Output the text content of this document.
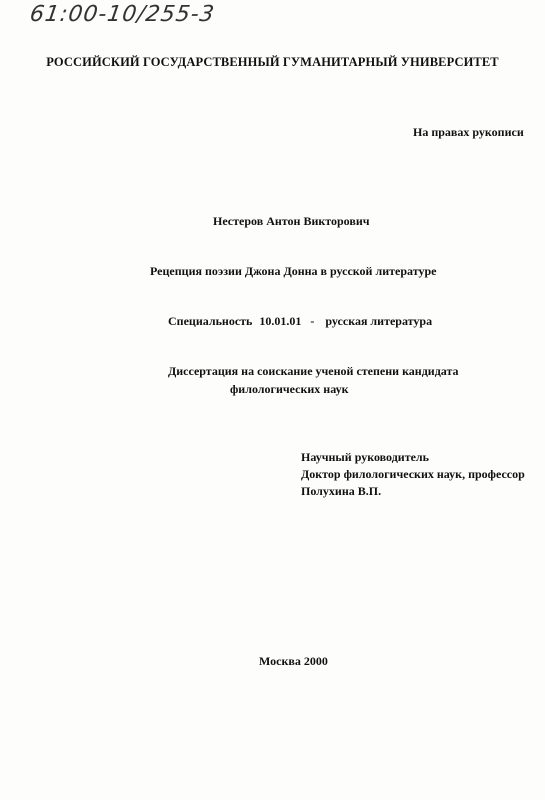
61:00-10/255-3
РОССИЙСКИЙ ГОСУДАРСТВЕННЫЙ ГУМАНИТАРНЫЙ УНИВЕРСИТЕТ
На правах рукописи
Нестеров Антон Викторович
Рецепция поэзии Джона Донна в русской литературе
Специальность 10.01.01 - русская литература
Диссертация на соискание ученой степени кандидата
филологических наук
Научный руководитель
Доктор филологических наук, профессор
Полухина В.П.
Москва 2000
